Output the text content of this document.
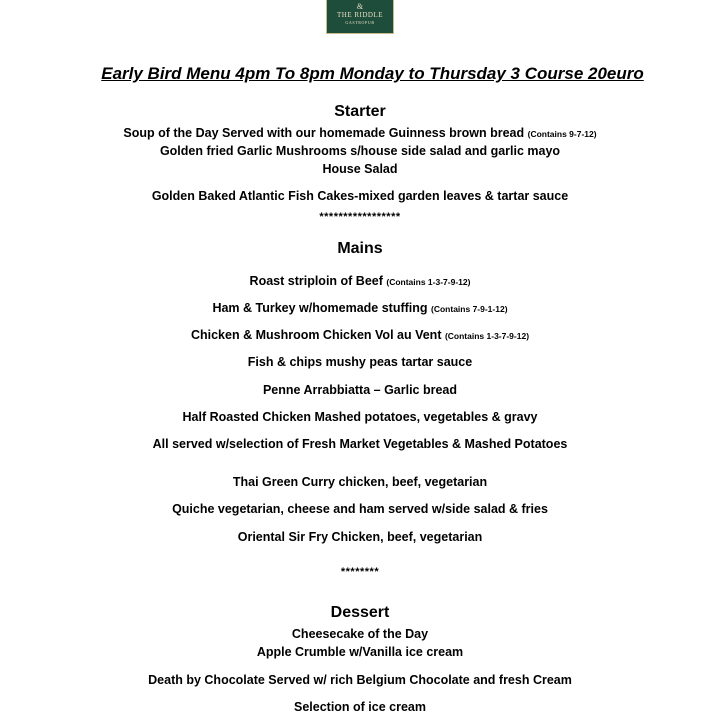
&
THE RIDDLE
GASTROPUB
Early Bird Menu 4pm To 8pm Monday to Thursday 3 Course 20euro
Starter
Soup of the Day Served with our homemade Guinness brown bread (Contains 9-7-12)
Golden fried Garlic Mushrooms s/house side salad and garlic mayo
House Salad
Golden Baked Atlantic Fish Cakes-mixed garden leaves & tartar sauce
*****************
Mains
Roast striploin of Beef (Contains 1-3-7-9-12)
Ham & Turkey w/homemade stuffing (Contains 7-9-1-12)
Chicken & Mushroom Chicken Vol au Vent (Contains 1-3-7-9-12)
Fish & chips mushy peas tartar sauce
Penne Arrabbiatta – Garlic bread
Half Roasted Chicken Mashed potatoes, vegetables & gravy
All served w/selection of Fresh Market Vegetables & Mashed Potatoes
Thai Green Curry chicken, beef, vegetarian
Quiche vegetarian, cheese and ham served w/side salad & fries
Oriental Sir Fry Chicken, beef, vegetarian
********
Dessert
Cheesecake of the Day
Apple Crumble w/Vanilla ice cream
Death by Chocolate Served w/ rich Belgium Chocolate and fresh Cream
Selection of ice cream
